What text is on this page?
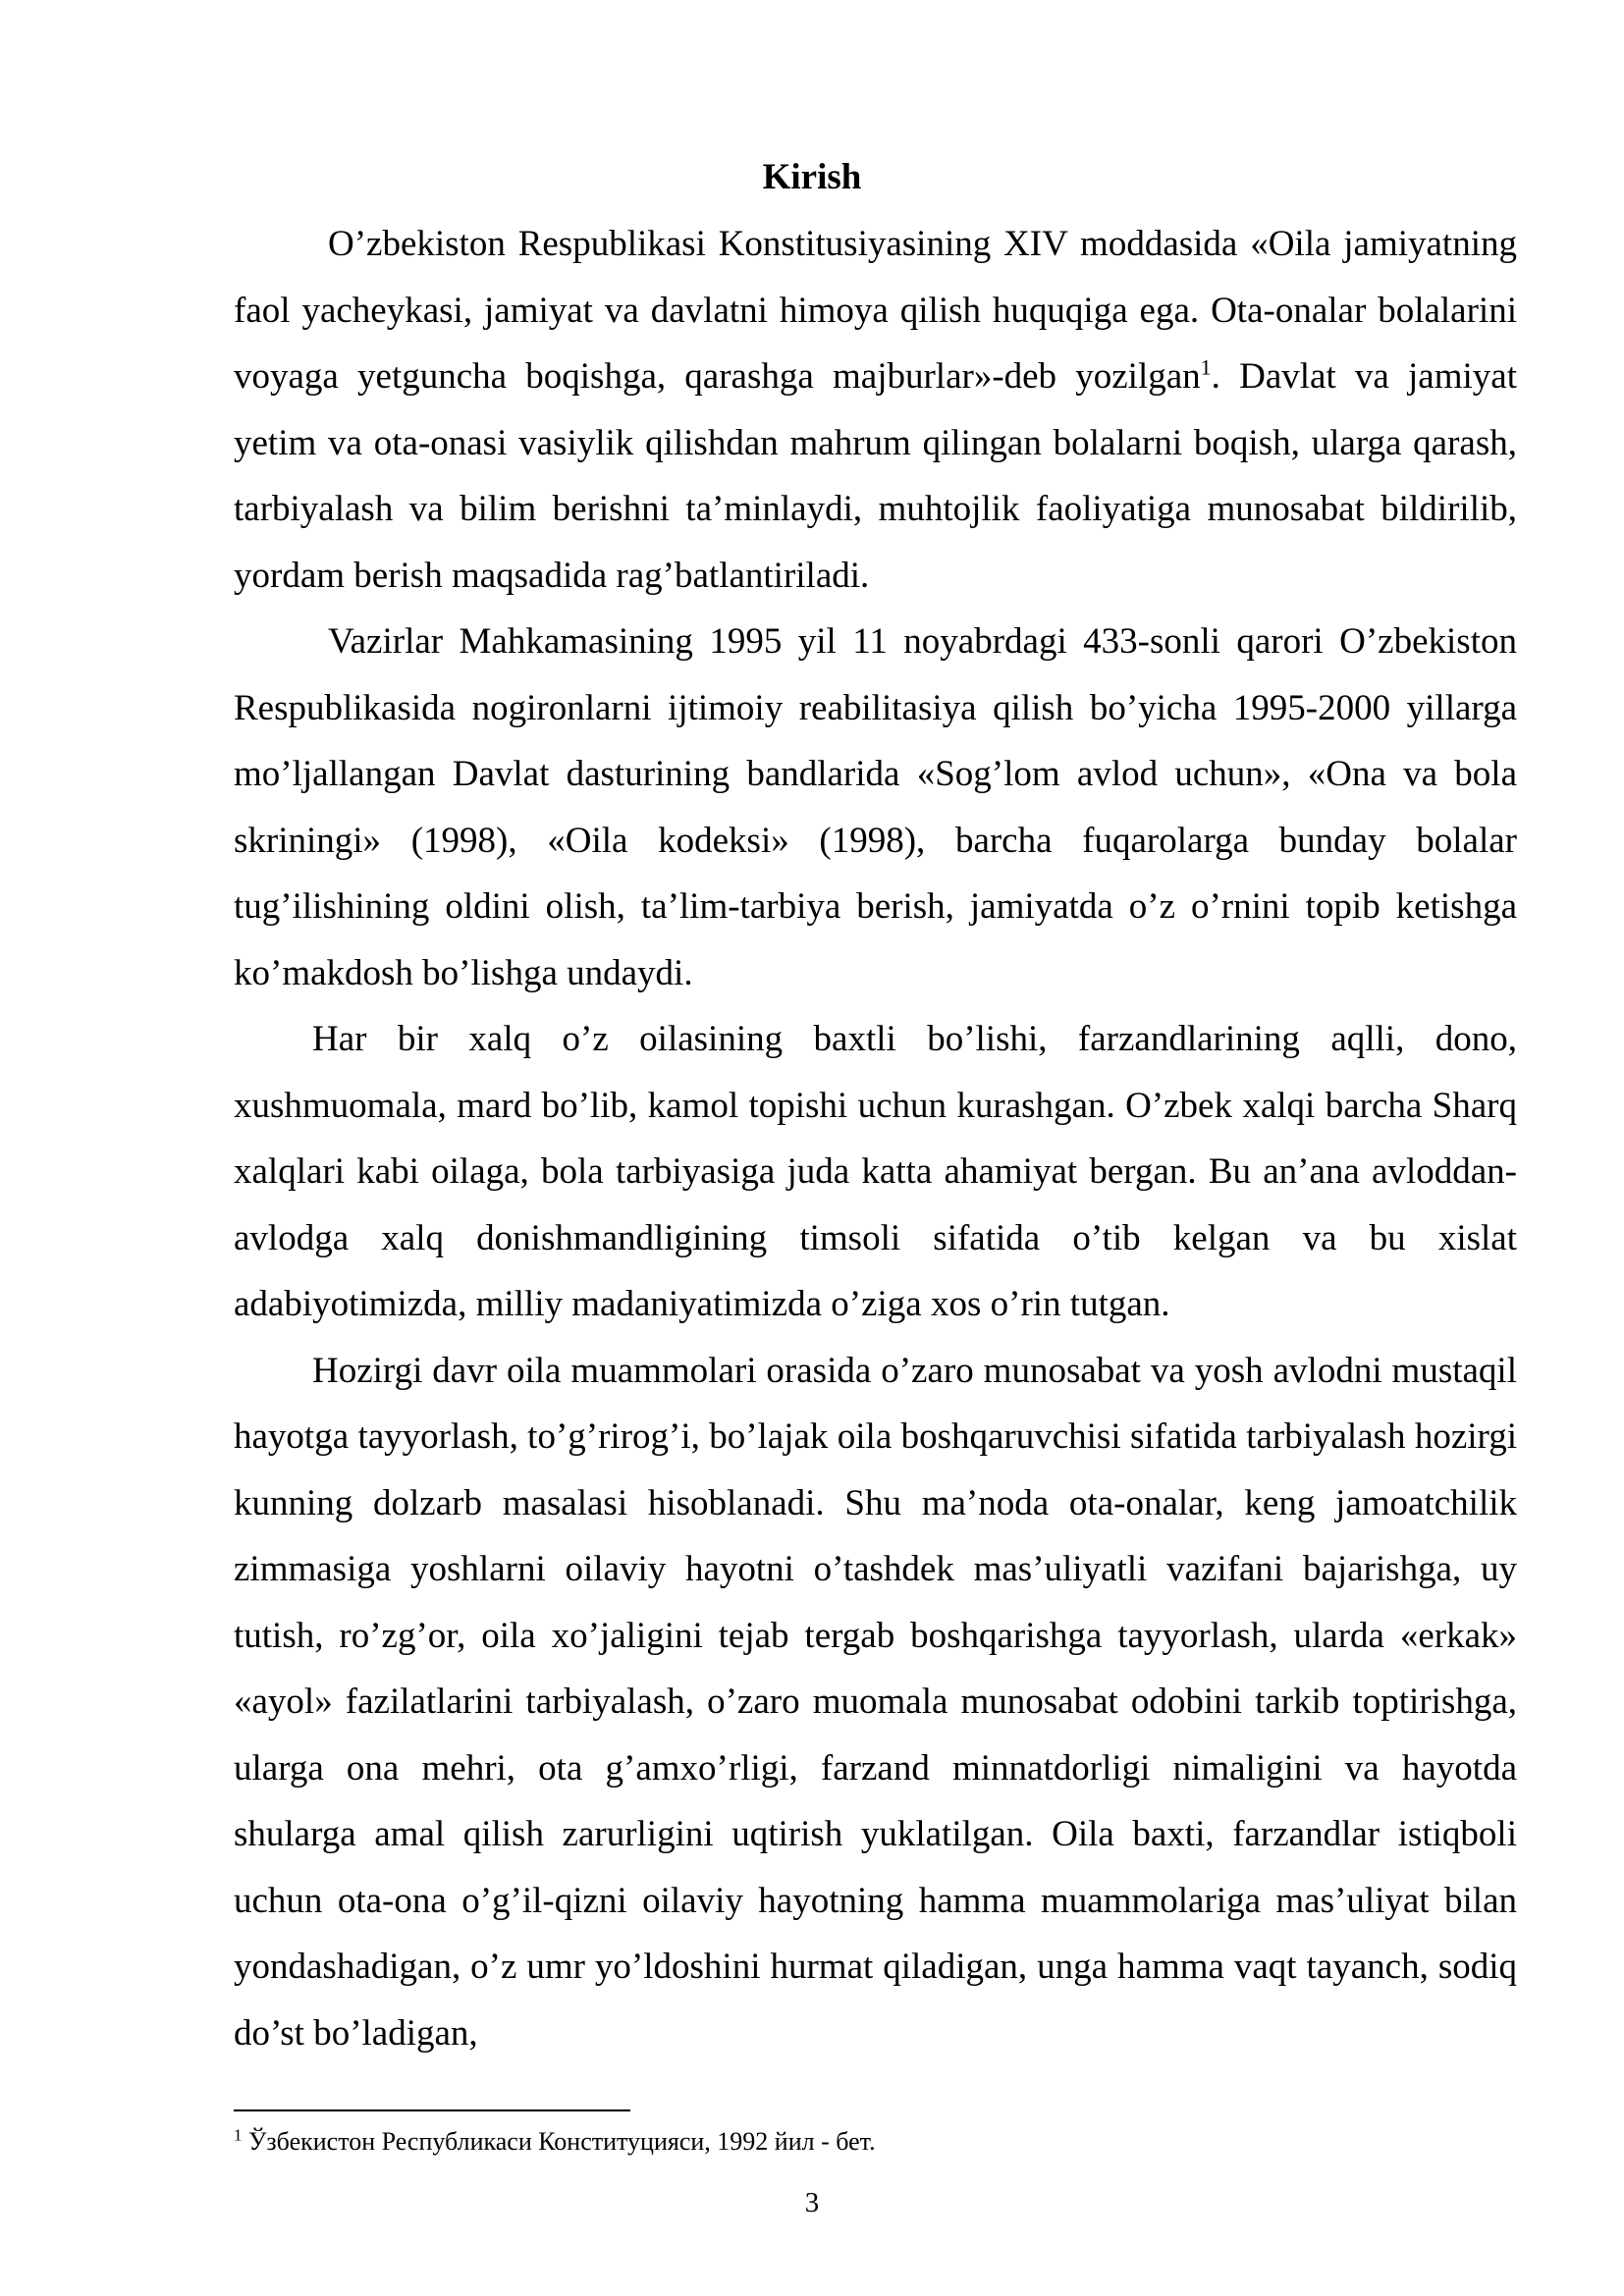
Kirish

O’zbekiston Respublikasi Konstitusiyasining XIV moddasida «Oila jamiyatning faol yacheykasi, jamiyat va davlatni himoya qilish huquqiga ega. Ota-onalar bolalarini voyaga yetguncha boqishga, qarashga majburlar»-deb yozilgan$^1$. Davlat va jamiyat yetim va ota-onasi vasiylik qilishdan mahrum qilingan bolalarni boqish, ularga qarash, tarbiyalash va bilim berishni ta’minlaydi, muhtojlik faoliyatiga munosabat bildirilib, yordam berish maqsadida rag’batlantiriladi.

Vazirlar Mahkamasining 1995 yil 11 noyabrdagi 433-sonli qarori O’zbekiston Respublikasida nogironlarni ijtimoiy reabilitasiya qilish bo’yicha 1995-2000 yillarga mo’ljallangan Davlat dasturining bandlarida «Sog’lom avlod uchun», «Ona va bola skriningi» (1998), «Oila kodeksi» (1998), barcha fuqarolarga bunday bolalar tug’ilishining oldini olish, ta’lim-tarbiya berish, jamiyatda o’z o’rnini topib ketishga ko’makdosh bo’lishga undaydi.

Har bir xalq o’z oilasining baxtli bo’lishi, farzandlarining aqlli, dono, xushmuomala, mard bo’lib, kamol topishi uchun kurashgan. O’zbek xalqi barcha Sharq xalqlari kabi oilaga, bola tarbiyasiga juda katta ahamiyat bergan. Bu an’ana avloddan-avlodga xalq donishmandligining timsoli sifatida o’tib kelgan va bu xislat adabiyotimizda, milliy madaniyatimizda o’ziga xos o’rin tutgan.

Hozirgi davr oila muammolari orasida o’zaro munosabat va yosh avlodni mustaqil hayotga tayyorlash, to’g’rirog’i, bo’lajak oila boshqaruvchisi sifatida tarbiyalash hozirgi kunning dolzarb masalasi hisoblanadi. Shu ma’noda ota-onalar, keng jamoatchilik zimmasiga yoshlarni oilaviy hayotni o’tashdek mas’uliyatli vazifani bajarishga, uy tutish, ro’zg’or, oila xo’jaligini tejab tergab boshqarishga tayyorlash, ularda «erkak» «ayol» fazilatlarini tarbiyalash, o’zaro muomala munosabat odobini tarkib toptirishga, ularga ona mehri, ota g’amxo’rligi, farzand minnatdorligi nimaligini va hayotda shularga amal qilish zarurligini uqtirish yuklatilgan. Oila baxti, farzandlar istiqboli uchun ota-ona o’g’il-qizni oilaviy hayotning hamma muammolariga mas’uliyat bilan yondashadigan, o’z umr yo’ldoshini hurmat qiladigan, unga hamma vaqt tayanch, sodiq do’st bo’ladigan,

$^1$ Ўзбекистон Республикаси Конституцияси, 1992 йил - бет.
3
